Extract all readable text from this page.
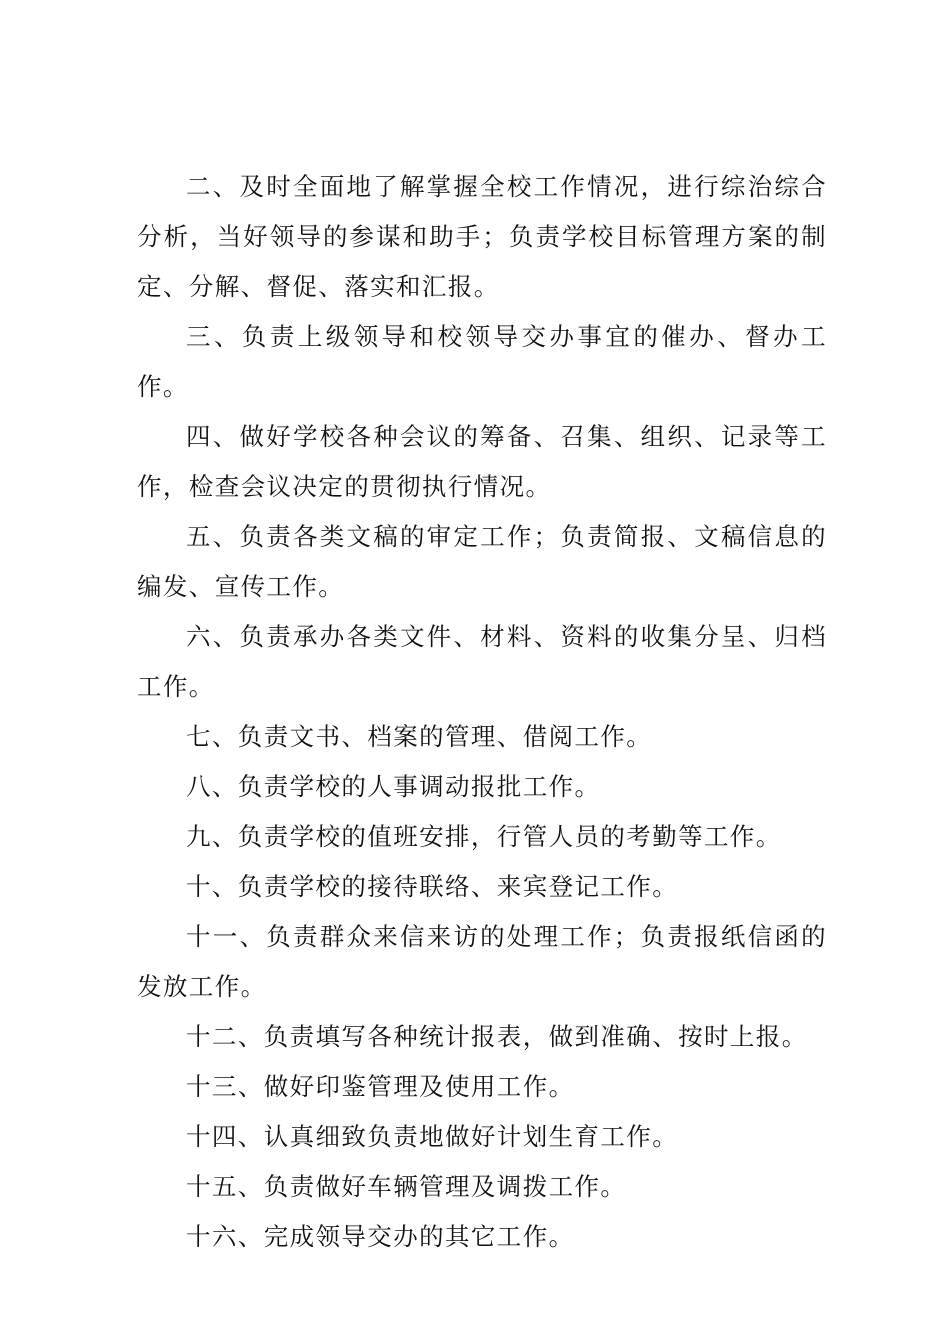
二、及时全面地了解掌握全校工作情况，进行综治综合分析，当好领导的参谋和助手；负责学校目标管理方案的制定、分解、督促、落实和汇报。

三、负责上级领导和校领导交办事宜的催办、督办工作。

四、做好学校各种会议的筹备、召集、组织、记录等工作，检查会议决定的贯彻执行情况。

五、负责各类文稿的审定工作；负责简报、文稿信息的编发、宣传工作。

六、负责承办各类文件、材料、资料的收集分呈、归档工作。

七、负责文书、档案的管理、借阅工作。

八、负责学校的人事调动报批工作。

九、负责学校的值班安排，行管人员的考勤等工作。

十、负责学校的接待联络、来宾登记工作。

十一、负责群众来信来访的处理工作；负责报纸信函的发放工作。

十二、负责填写各种统计报表，做到准确、按时上报。

十三、做好印鉴管理及使用工作。

十四、认真细致负责地做好计划生育工作。

十五、负责做好车辆管理及调拨工作。

十六、完成领导交办的其它工作。
